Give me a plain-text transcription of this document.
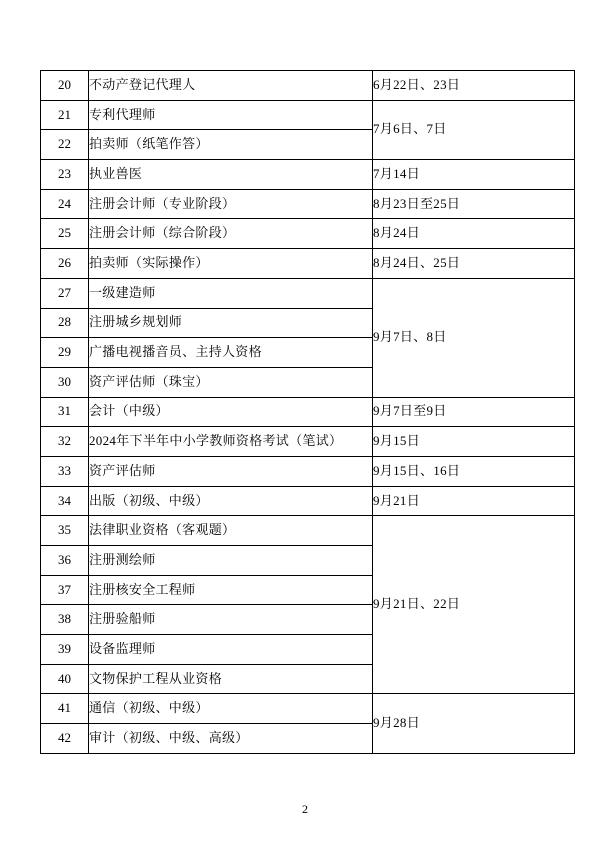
20	不动产登记代理人	6月22日、23日
21	专利代理师	7月6日、7日
22	拍卖师（纸笔作答）	
23	执业兽医	7月14日
24	注册会计师（专业阶段）	8月23日至25日
25	注册会计师（综合阶段）	8月24日
26	拍卖师（实际操作）	8月24日、25日
27	一级建造师	9月7日、8日
28	注册城乡规划师	
29	广播电视播音员、主持人资格	
30	资产评估师（珠宝）	
31	会计（中级）	9月7日至9日
32	2024年下半年中小学教师资格考试（笔试）	9月15日
33	资产评估师	9月15日、16日
34	出版（初级、中级）	9月21日
35	法律职业资格（客观题）	9月21日、22日
36	注册测绘师	
37	注册核安全工程师	
38	注册验船师	
39	设备监理师	
40	文物保护工程从业资格	
41	通信（初级、中级）	9月28日
42	审计（初级、中级、高级）	
2
